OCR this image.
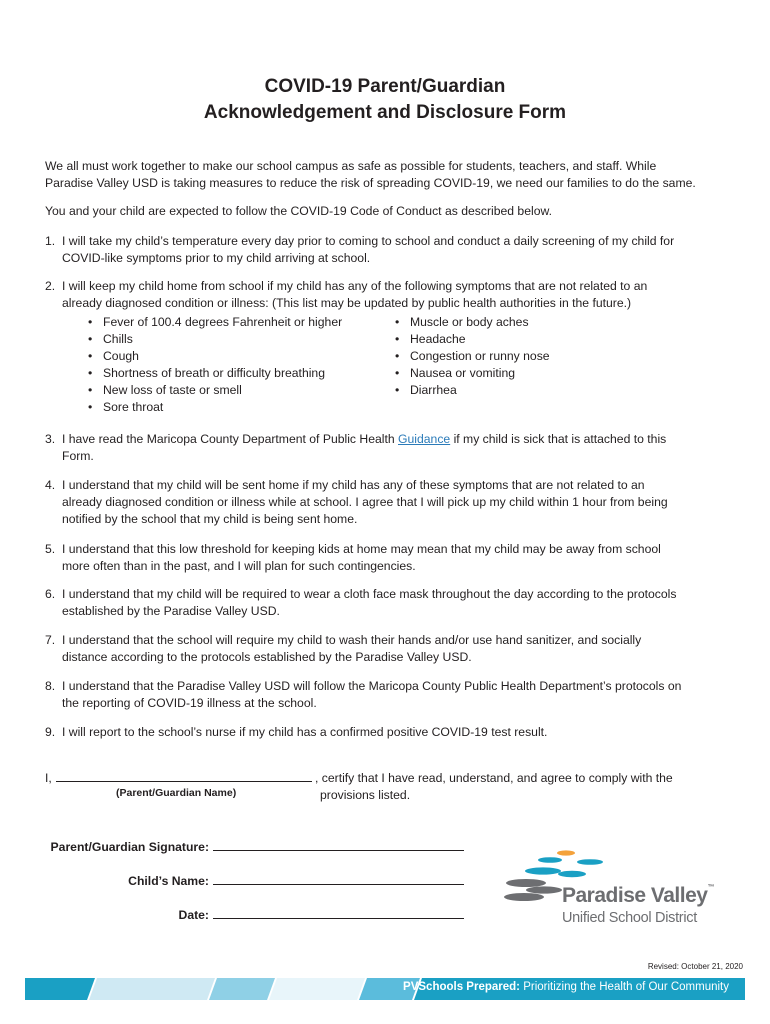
COVID-19 Parent/Guardian
Acknowledgement and Disclosure Form
We all must work together to make our school campus as safe as possible for students, teachers, and staff. While
Paradise Valley USD is taking measures to reduce the risk of spreading COVID-19, we need our families to do the same.
You and your child are expected to follow the COVID-19 Code of Conduct as described below.
1. I will take my child’s temperature every day prior to coming to school and conduct a daily screening of my child for
COVID-like symptoms prior to my child arriving at school.
2. I will keep my child home from school if my child has any of the following symptoms that are not related to an
already diagnosed condition or illness: (This list may be updated by public health authorities in the future.)
• Fever of 100.4 degrees Fahrenheit or higher
• Chills
• Cough
• Shortness of breath or difficulty breathing
• New loss of taste or smell
• Sore throat
• Muscle or body aches
• Headache
• Congestion or runny nose
• Nausea or vomiting
• Diarrhea
3. I have read the Maricopa County Department of Public Health Guidance if my child is sick that is attached to this
Form.
4. I understand that my child will be sent home if my child has any of these symptoms that are not related to an
already diagnosed condition or illness while at school. I agree that I will pick up my child within 1 hour from being
notified by the school that my child is being sent home.
5. I understand that this low threshold for keeping kids at home may mean that my child may be away from school
more often than in the past, and I will plan for such contingencies.
6. I understand that my child will be required to wear a cloth face mask throughout the day according to the protocols
established by the Paradise Valley USD.
7. I understand that the school will require my child to wash their hands and/or use hand sanitizer, and socially
distance according to the protocols established by the Paradise Valley USD.
8. I understand that the Paradise Valley USD will follow the Maricopa County Public Health Department’s protocols on
the reporting of COVID-19 illness at the school.
9. I will report to the school’s nurse if my child has a confirmed positive COVID-19 test result.
I,
(Parent/Guardian Name)
, certify that I have read, understand, and agree to comply with the
provisions listed.
Parent/Guardian Signature:
Child’s Name:
Date:
Paradise Valley™
Unified School District
Revised: October 21, 2020
PVSchools Prepared: Prioritizing the Health of Our Community
